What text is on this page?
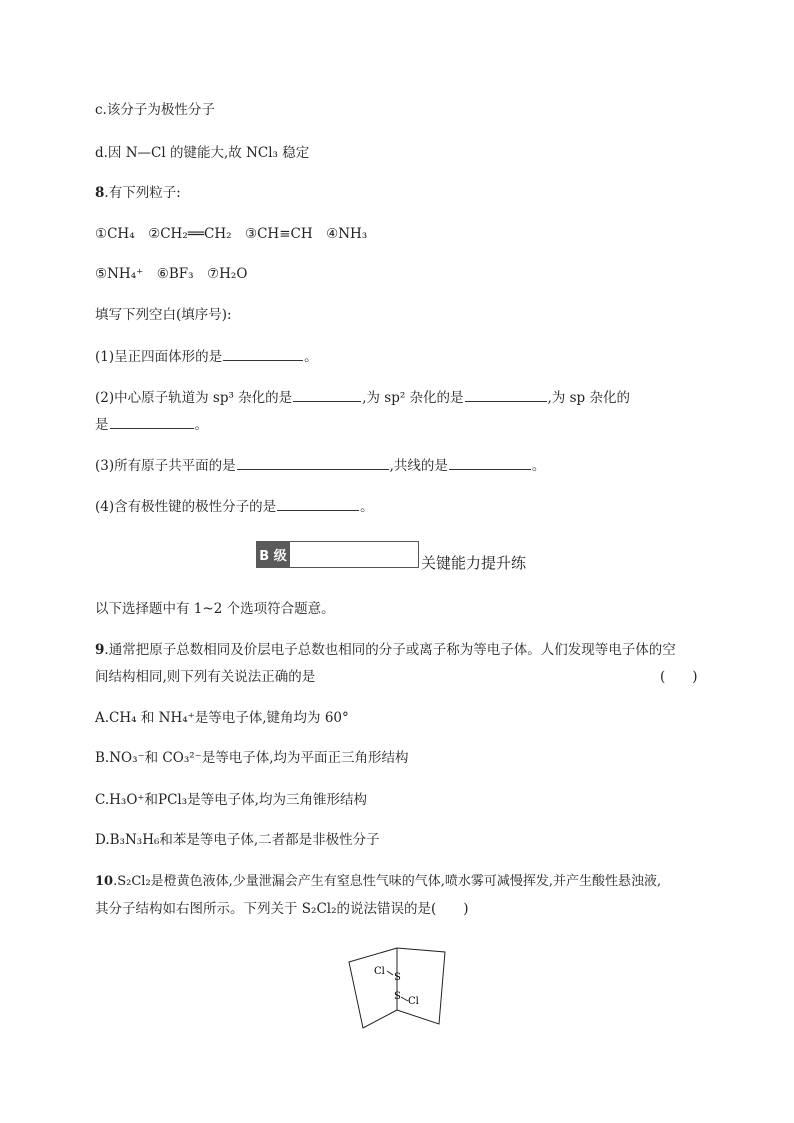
c.该分子为极性分子
d.因 N—Cl 的键能大,故 NCl₃ 稳定
8.有下列粒子:
①CH₄　②CH₂══CH₂　③CH≡CH　④NH₃
⑤NH₄⁺　⑥BF₃　⑦H₂O
填写下列空白(填序号):
(1)呈正四面体形的是	。
(2)中心原子轨道为 sp³ 杂化的是	,为 sp² 杂化的是	,为 sp 杂化的
是	。
(3)所有原子共平面的是	,共线的是	。
(4)含有极性键的极性分子的是	。
B 级	关键能力提升练
以下选择题中有 1~2 个选项符合题意。
9.通常把原子总数相同及价层电子总数也相同的分子或离子称为等电子体。人们发现等电子体的空
间结构相同,则下列有关说法正确的是	(　　)
A.CH₄ 和 NH₄⁺是等电子体,键角均为 60°
B.NO₃⁻和 CO₃²⁻是等电子体,均为平面正三角形结构
C.H₃O⁺和PCl₃是等电子体,均为三角锥形结构
D.B₃N₃H₆和苯是等电子体,二者都是非极性分子
10.S₂Cl₂是橙黄色液体,少量泄漏会产生有窒息性气味的气体,喷水雾可减慢挥发,并产生酸性悬浊液,
其分子结构如右图所示。下列关于 S₂Cl₂的说法错误的是(　　)
Cl
S
S Cl
